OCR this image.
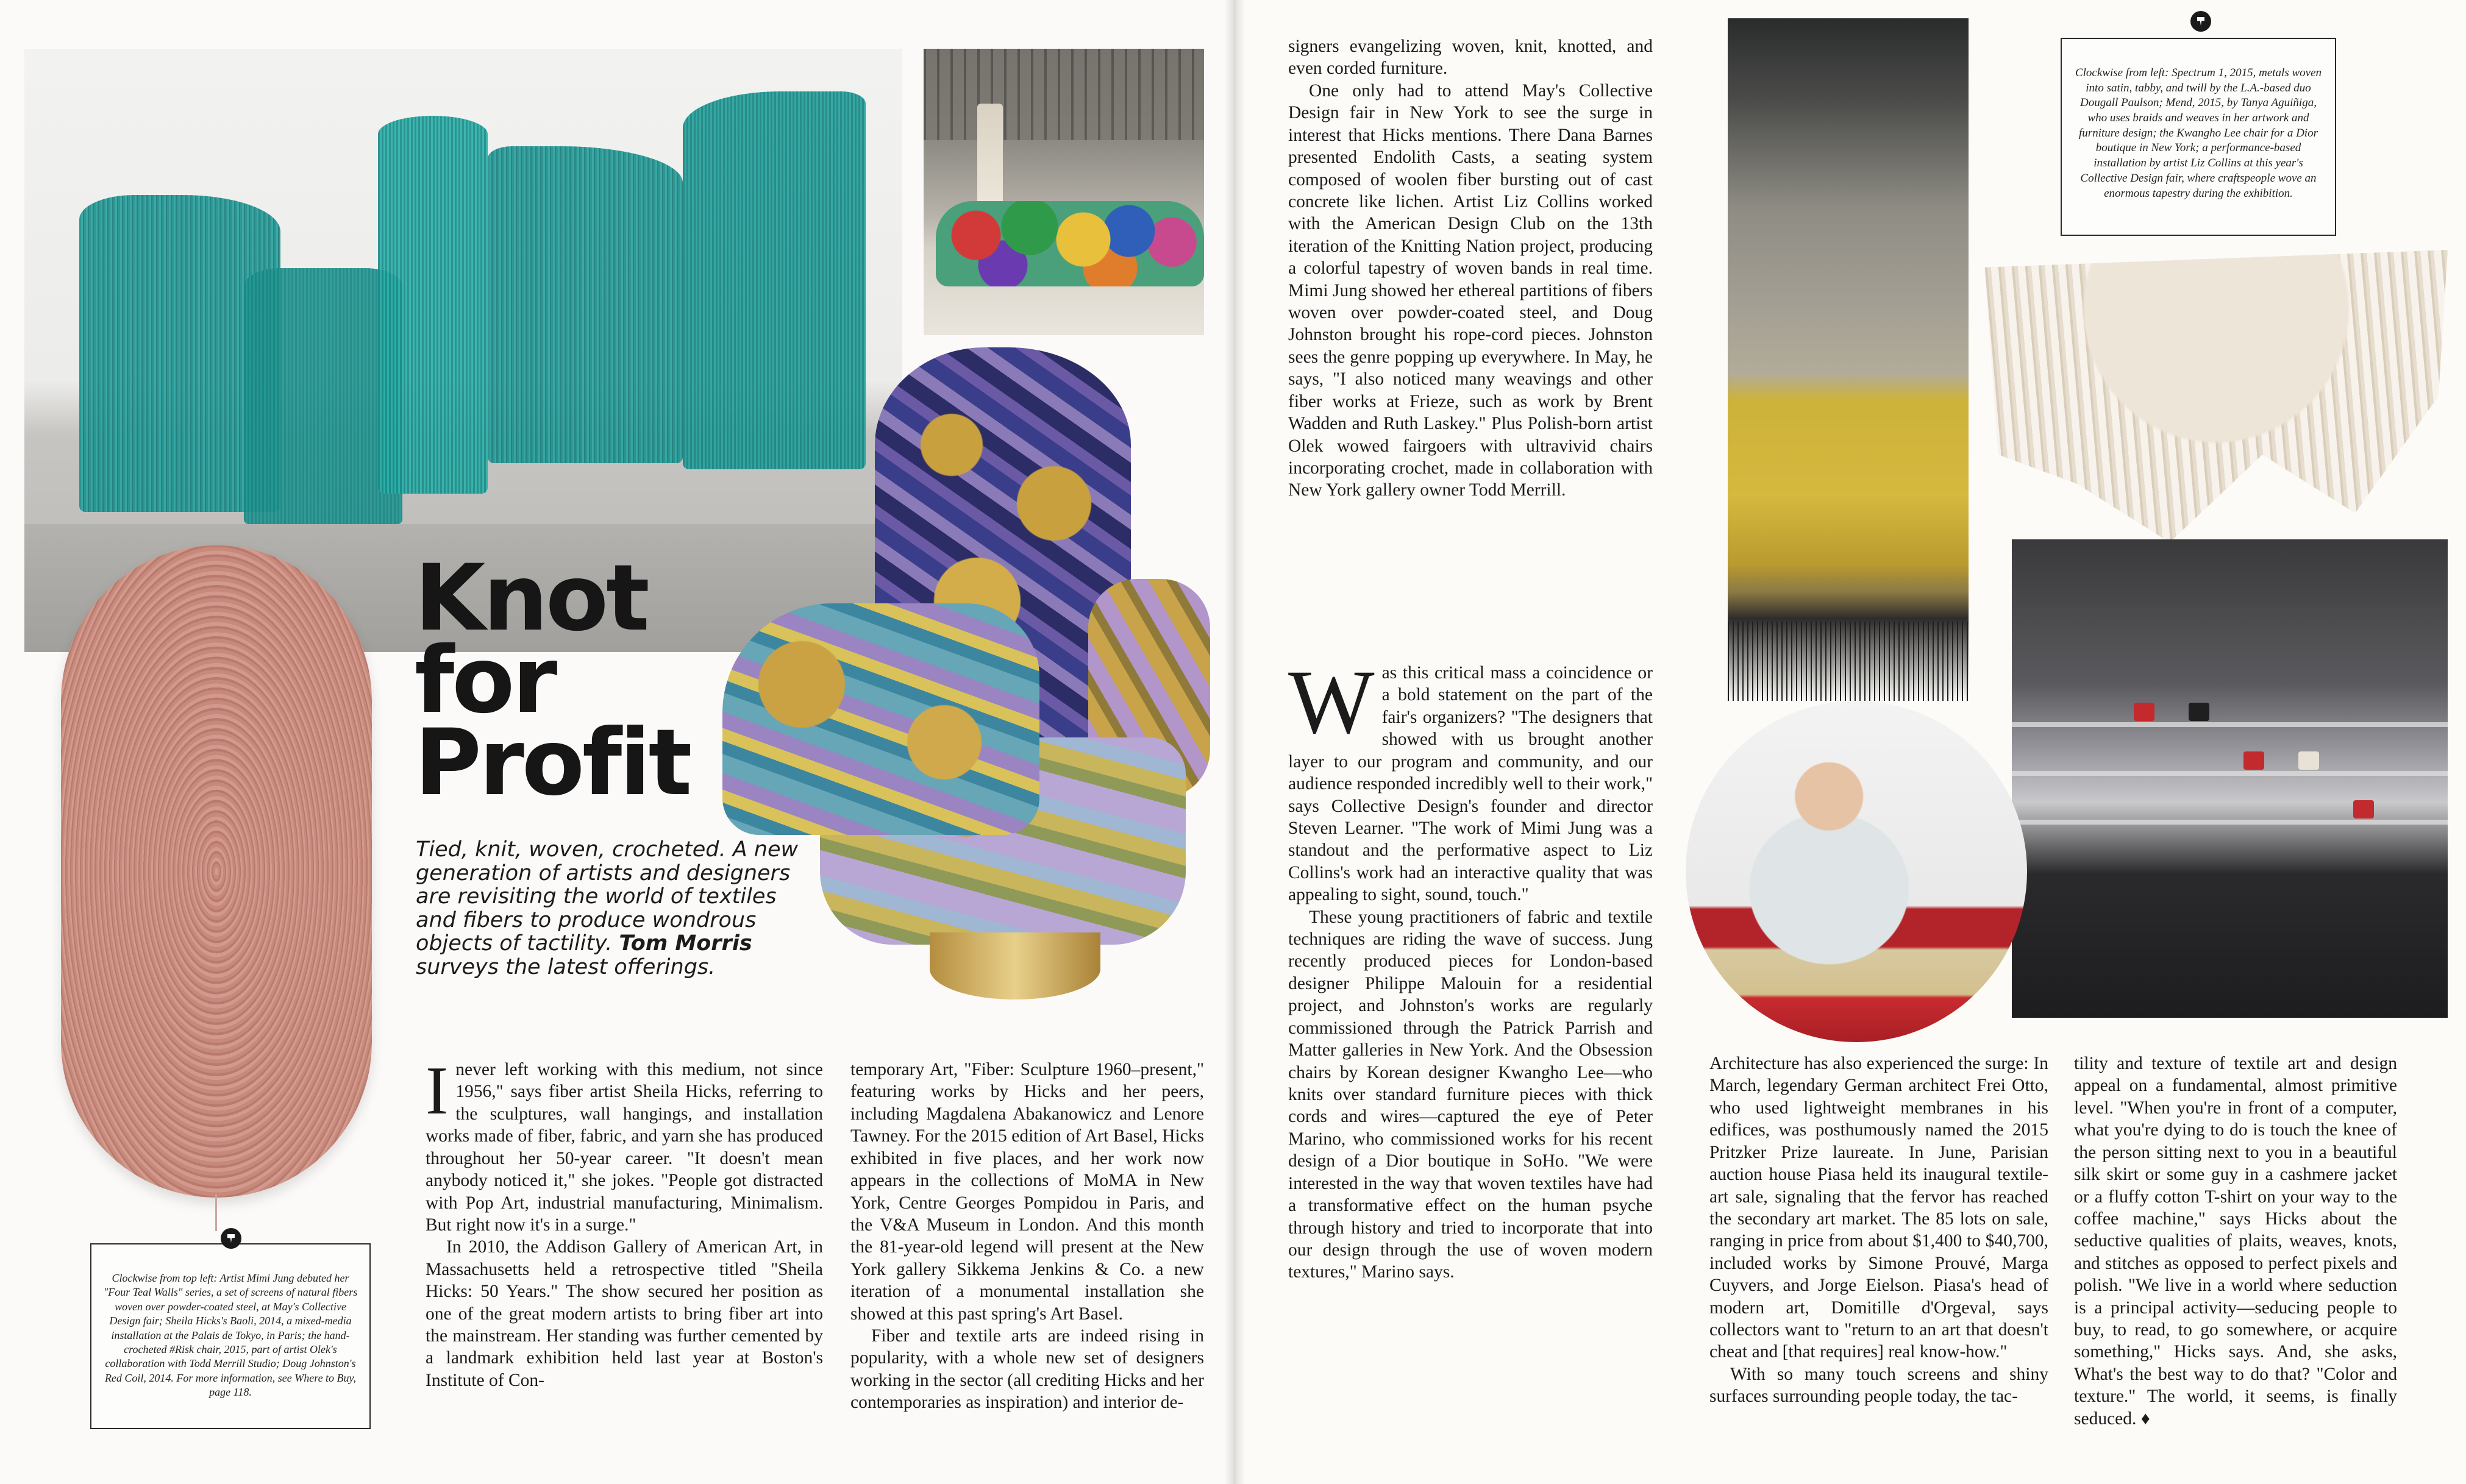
Knot
for
Profit

Tied, knit, woven, crocheted. A new generation of artists and designers are revisiting the world of textiles and fibers to produce wondrous objects of tactility. Tom Morris surveys the latest offerings.

Clockwise from top left: Artist Mimi Jung debuted her "Four Teal Walls" series, a set of screens of natural fibers woven over powder-coated steel, at May's Collective Design fair; Sheila Hicks's Baoli, 2014, a mixed-media installation at the Palais de Tokyo, in Paris; the hand-crocheted #Risk chair, 2015, part of artist Olek's collaboration with Todd Merrill Studio; Doug Johnston's Red Coil, 2014. For more information, see Where to Buy, page 118.

Inever left working with this medium, not since 1956," says fiber artist Sheila Hicks, referring to the sculptures, wall hangings, and installation works made of fiber, fabric, and yarn she has produced throughout her 50-year career. "It doesn't mean anybody noticed it," she jokes. "People got distracted with Pop Art, industrial manufacturing, Minimalism. But right now it's in a surge."

In 2010, the Addison Gallery of American Art, in Massachusetts held a retrospective titled "Sheila Hicks: 50 Years." The show secured her position as one of the great modern artists to bring fiber art into the mainstream. Her standing was further cemented by a landmark exhibition held last year at Boston's Institute of Con-

temporary Art, "Fiber: Sculpture 1960–present," featuring works by Hicks and her peers, including Magdalena Abakanowicz and Lenore Tawney. For the 2015 edition of Art Basel, Hicks exhibited in five places, and her work now appears in the collections of MoMA in New York, Centre Georges Pompidou in Paris, and the V&A Museum in London. And this month the 81-year-old legend will present at the New York gallery Sikkema Jenkins & Co. a new iteration of a monumental installation she showed at this past spring's Art Basel.

Fiber and textile arts are indeed rising in popularity, with a whole new set of designers working in the sector (all crediting Hicks and her contemporaries as inspiration) and interior de-

signers evangelizing woven, knit, knotted, and even corded furniture.

One only had to attend May's Collective Design fair in New York to see the surge in interest that Hicks mentions. There Dana Barnes presented Endolith Casts, a seating system composed of woolen fiber bursting out of cast concrete like lichen. Artist Liz Collins worked with the American Design Club on the 13th iteration of the Knitting Nation project, producing a colorful tapestry of woven bands in real time. Mimi Jung showed her ethereal partitions of fibers woven over powder-coated steel, and Doug Johnston brought his rope-cord pieces. Johnston sees the genre popping up everywhere. In May, he says, "I also noticed many weavings and other fiber works at Frieze, such as work by Brent Wadden and Ruth Laskey." Plus Polish-born artist Olek wowed fairgoers with ultravivid chairs incorporating crochet, made in collaboration with New York gallery owner Todd Merrill.

Was this critical mass a coincidence or a bold statement on the part of the fair's organizers? "The designers that showed with us brought another layer to our program and community, and our audience responded incredibly well to their work," says Collective Design's founder and director Steven Learner. "The work of Mimi Jung was a standout and the performative aspect to Liz Collins's work had an interactive quality that was appealing to sight, sound, touch."

These young practitioners of fabric and textile techniques are riding the wave of success. Jung recently produced pieces for London-based designer Philippe Malouin for a residential project, and Johnston's works are regularly commissioned through the Patrick Parrish and Matter galleries in New York. And the Obsession chairs by Korean designer Kwangho Lee—who knits over standard furniture pieces with thick cords and wires—captured the eye of Peter Marino, who commissioned works for his recent design of a Dior boutique in SoHo. "We were interested in the way that woven textiles have had a transformative effect on the human psyche through history and tried to incorporate that into our design through the use of woven modern textures," Marino says.

Clockwise from left: Spectrum 1, 2015, metals woven into satin, tabby, and twill by the L.A.-based duo Dougall Paulson; Mend, 2015, by Tanya Aguiñiga, who uses braids and weaves in her artwork and furniture design; the Kwangho Lee chair for a Dior boutique in New York; a performance-based installation by artist Liz Collins at this year's Collective Design fair, where craftspeople wove an enormous tapestry during the exhibition.

Architecture has also experienced the surge: In March, legendary German architect Frei Otto, who used lightweight membranes in his edifices, was posthumously named the 2015 Pritzker Prize laureate. In June, Parisian auction house Piasa held its inaugural textile-art sale, signaling that the fervor has reached the secondary art market. The 85 lots on sale, ranging in price from about $1,400 to $40,700, included works by Simone Prouvé, Marga Cuyvers, and Jorge Eielson. Piasa's head of modern art, Domitille d'Orgeval, says collectors want to "return to an art that doesn't cheat and [that requires] real know-how."

With so many touch screens and shiny surfaces surrounding people today, the tac-

tility and texture of textile art and design appeal on a fundamental, almost primitive level. "When you're in front of a computer, what you're dying to do is touch the knee of the person sitting next to you in a beautiful silk skirt or some guy in a cashmere jacket or a fluffy cotton T-shirt on your way to the coffee machine," says Hicks about the seductive qualities of plaits, weaves, knots, and stitches as opposed to perfect pixels and polish. "We live in a world where seduction is a principal activity—seducing people to buy, to read, to go somewhere, or acquire something," Hicks says. And, she asks, What's the best way to do that? "Color and texture." The world, it seems, is finally seduced. ♦
